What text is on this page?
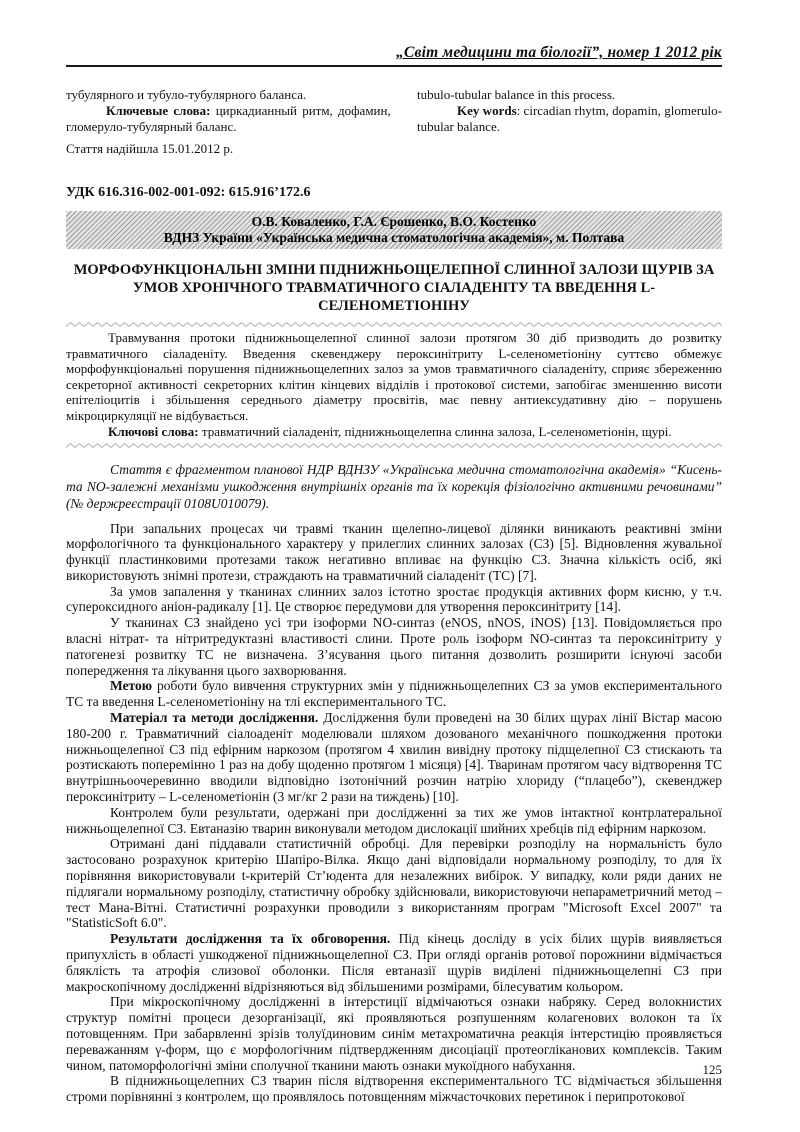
„Світ медицини та біології”, номер 1 2012 рік

тубулярного и тубуло-тубулярного баланса.

Ключевые слова: циркадианный ритм, дофамин, гломеруло-тубулярный баланс.

Стаття надійшла 15.01.2012 р.

tubulo-tubular balance in this process.

Key words: circadian rhytm, dopamin, glomerulo-tubular balance.

УДК 616.316-002-001-092: 615.916’172.6

О.В. Коваленко, Г.А. Єрошенко, В.О. Костенко
ВДНЗ України «Українська медична стоматологічна академія», м. Полтава
МОРФОФУНКЦІОНАЛЬНІ ЗМІНИ ПІДНИЖНЬОЩЕЛЕПНОЇ СЛИННОЇ ЗАЛОЗИ ЩУРІВ ЗА УМОВ ХРОНІЧНОГО ТРАВМАТИЧНОГО СІАЛАДЕНІТУ ТА ВВЕДЕННЯ L-СЕЛЕНОМЕТІОНІНУ

Травмування протоки піднижньощелепної слинної залози протягом 30 діб призводить до розвитку травматичного сіаладеніту. Введення скевенджеру пероксинітриту L-селенометіоніну суттєво обмежує морфофункціональні порушення піднижньощелепних залоз за умов травматичного сіаладеніту, сприяє збереженню секреторної активності секреторних клітин кінцевих відділів і протокової системи, запобігає зменшенню висоти епітеліоцитів і збільшення середнього діаметру просвітів, має певну антиексудативну дію – порушень мікроциркуляції не відбувається.

Ключові слова: травматичний сіаладеніт, піднижньощелепна слинна залоза, L-селенометіонін, щурі.

Стаття є фрагментом планової НДР ВДНЗУ «Українська медична стоматологічна академія» “Кисень- та NO-залежні механізми ушкодження внутрішніх органів та їх корекція фізіологічно активними речовинами” (№ держреєстрації 0108U010079).

При запальних процесах чи травмі тканин щелепно-лицевої ділянки виникають реактивні зміни морфологічного та функціонального характеру у прилеглих слинних залозах (СЗ) [5]. Відновлення жувальної функції пластинковими протезами також негативно впливає на функцію СЗ. Значна кількість осіб, які використовують знімні протези, страждають на травматичний сіаладеніт (ТС) [7].

За умов запалення у тканинах слинних залоз істотно зростає продукція активних форм кисню, у т.ч. супероксидного аніон-радикалу [1]. Це створює передумови для утворення пероксинітриту [14].

У тканинах СЗ знайдено усі три ізоформи NO-синтаз (eNOS, nNOS, iNOS) [13]. Повідомляється про власні нітрат- та нітритредуктазні властивості слини. Проте роль ізоформ NO-синтаз та пероксинітриту у патогенезі розвитку ТС не визначена. З’ясування цього питання дозволить розширити існуючі засоби попередження та лікування цього захворювання.

Метою роботи було вивчення структурних змін у піднижньощелепних СЗ за умов експериментального ТС та введення L-селенометіоніну на тлі експериментального ТС.

Матеріал та методи дослідження. Дослідження були проведені на 30 білих щурах лінії Вістар масою 180-200 г. Травматичний сіалоаденіт моделювали шляхом дозованого механічного пошкодження протоки нижньощелепної СЗ під ефірним наркозом (протягом 4 хвилин вивідну протоку підщелепної СЗ стискають та розтискають поперемінно 1 раз на добу щоденно протягом 1 місяця) [4]. Тваринам протягом часу відтворення ТС внутрішньоочеревинно вводили відповідно ізотонічний розчин натрію хлориду (“плацебо”), скевенджер пероксинітриту – L-селенометіонін (3 мг/кг 2 рази на тиждень) [10].

Контролем були результати, одержані при дослідженні за тих же умов інтактної контрлатеральної нижньощелепної СЗ. Евтаназію тварин виконували методом дислокації шийних хребців під ефірним наркозом.

Отримані дані піддавали статистичній обробці. Для перевірки розподілу на нормальність було застосовано розрахунок критерію Шапіро-Вілка. Якщо дані відповідали нормальному розподілу, то для їх порівняння використовували t-критерій Ст’юдента для незалежних вибірок. У випадку, коли ряди даних не підлягали нормальному розподілу, статистичну обробку здійснювали, використовуючи непараметричний метод – тест Мана-Вітні. Статистичні розрахунки проводили з використанням програм "Microsoft Excel 2007" та "StatisticSoft 6.0".

Результати дослідження та їх обговорення. Під кінець досліду в усіх білих щурів виявляється припухлість в області ушкодженої піднижньощелепної СЗ. При огляді органів ротової порожнини відмічається бляклість та атрофія слизової оболонки. Після евтаназії щурів виділені піднижньощелепні СЗ при макроскопічному дослідженні відрізняються від збільшеними розмірами, білесуватим кольором.

При мікроскопічному дослідженні в інтерстиції відмічаються ознаки набряку. Серед волокнистих структур помітні процеси дезорганізації, які проявляються розпушенням колагенових волокон та їх потовщенням. При забарвленні зрізів толуїдиновим синім метахроматична реакція інтерстицію проявляється переважанням γ-форм, що є морфологічним підтвердженням дисоціації протеогліканових комплексів. Таким чином, патоморфологічні зміни сполучної тканини мають ознаки мукоїдного набухання.

В піднижньощелепних СЗ тварин після відтворення експериментального ТС відмічається збільшення строми порівнянні з контролем, що проявлялось потовщенням міжчасточкових перетинок і перипротокової

125
